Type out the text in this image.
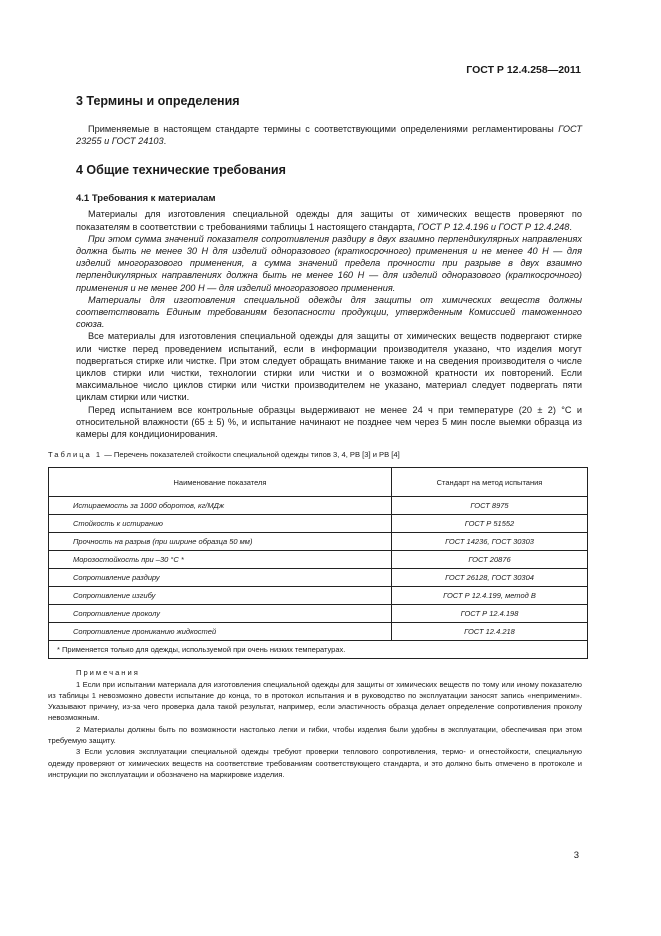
ГОСТ Р 12.4.258—2011
3 Термины и определения

Применяемые в настоящем стандарте термины с соответствующими определениями регламентированы ГОСТ 23255 и ГОСТ 24103.

4 Общие технические требования
4.1 Требования к материалам

Материалы для изготовления специальной одежды для защиты от химических веществ проверяют по показателям в соответствии с требованиями таблицы 1 настоящего стандарта, ГОСТ Р 12.4.196 и ГОСТ Р 12.4.248.

При этом сумма значений показателя сопротивления раздиру в двух взаимно перпендикулярных направлениях должна быть не менее 30 Н для изделий одноразового (краткосрочного) применения и не менее 40 Н — для изделий многоразового применения, а сумма значений предела прочности при разрыве в двух взаимно перпендикулярных направлениях должна быть не менее 160 Н — для изделий одноразового (краткосрочного) применения и не менее 200 Н — для изделий многоразового применения.

Материалы для изготовления специальной одежды для защиты от химических веществ должны соответствовать Единым требованиям безопасности продукции, утвержденным Комиссией таможенного союза.

Все материалы для изготовления специальной одежды для защиты от химических веществ подвергают стирке или чистке перед проведением испытаний, если в информации производителя указано, что изделия могут подвергаться стирке или чистке. При этом следует обращать внимание также и на сведения производителя о числе циклов стирки или чистки, технологии стирки или чистки и о возможной кратности их повторений. Если максимальное число циклов стирки или чистки производителем не указано, материал следует подвергать пяти циклам стирки или чистки.

Перед испытанием все контрольные образцы выдерживают не менее 24 ч при температуре (20 ± 2) °С и относительной влажности (65 ± 5) %, и испытание начинают не позднее чем через 5 мин после выемки образца из камеры для кондиционирования.

Таблица 1 — Перечень показателей стойкости специальной одежды типов 3, 4, РВ [3] и РВ [4]
Наименование показателя	Стандарт на метод испытания
Истираемость за 1000 оборотов, кг/МДж	ГОСТ 8975
Стойкость к истиранию	ГОСТ Р 51552
Прочность на разрыв (при ширине образца 50 мм)	ГОСТ 14236, ГОСТ 30303
Морозостойкость при –30 °С *	ГОСТ 20876
Сопротивление раздиру	ГОСТ 26128, ГОСТ 30304
Сопротивление изгибу	ГОСТ Р 12.4.199, метод В
Сопротивление проколу	ГОСТ Р 12.4.198
Сопротивление прониканию жидкостей	ГОСТ 12.4.218
* Применяется только для одежды, используемой при очень низких температурах.	

Примечания

1 Если при испытании материала для изготовления специальной одежды для защиты от химических веществ по тому или иному показателю из таблицы 1 невозможно довести испытание до конца, то в протокол испытания и в руководство по эксплуатации заносят запись «неприменим». Указывают причину, из-за чего проверка дала такой результат, например, если эластичность образца делает определение сопротивления проколу невозможным.

2 Материалы должны быть по возможности настолько легки и гибки, чтобы изделия были удобны в эксплуатации, обеспечивая при этом требуемую защиту.

3 Если условия эксплуатации специальной одежды требуют проверки теплового сопротивления, термо- и огнестойкости, специальную одежду проверяют от химических веществ на соответствие требованиям соответствующего стандарта, и это должно быть отмечено в протоколе и инструкции по эксплуатации и обозначено на маркировке изделия.

3
